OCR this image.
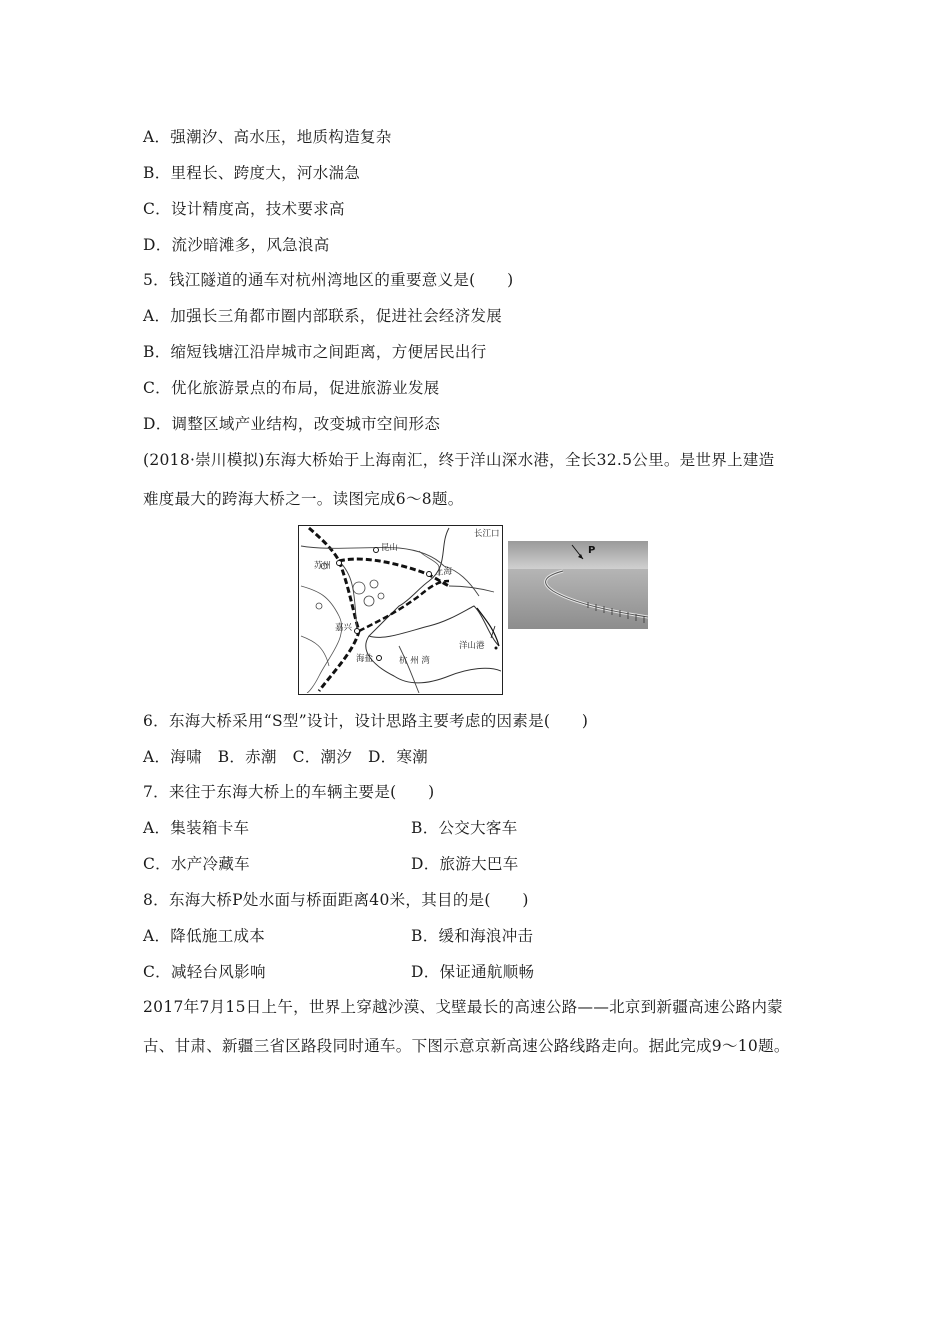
A．强潮汐、高水压，地质构造复杂
B．里程长、跨度大，河水湍急
C．设计精度高，技术要求高
D．流沙暗滩多，风急浪高
5．钱江隧道的通车对杭州湾地区的重要意义是(　　)
A．加强长三角都市圈内部联系，促进社会经济发展
B．缩短钱塘江沿岸城市之间距离，方便居民出行
C．优化旅游景点的布局，促进旅游业发展
D．调整区域产业结构，改变城市空间形态
(2018·崇川模拟)东海大桥始于上海南汇，终于洋山深水港，全长32.5公里。是世界上建造
难度最大的跨海大桥之一。读图完成6～8题。
长江口
昆山
苏州
上海
嘉兴
海盐	杭 州 湾
洋山港
P
6．东海大桥采用“S型”设计，设计思路主要考虑的因素是(　　)
A．海啸　B．赤潮　C．潮汐　D．寒潮
7．来往于东海大桥上的车辆主要是(　　)
A．集装箱卡车	B．公交大客车
C．水产冷藏车	D．旅游大巴车
8．东海大桥P处水面与桥面距离40米，其目的是(　　)
A．降低施工成本	B．缓和海浪冲击
C．减轻台风影响	D．保证通航顺畅
2017年7月15日上午，世界上穿越沙漠、戈壁最长的高速公路——北京到新疆高速公路内蒙
古、甘肃、新疆三省区路段同时通车。下图示意京新高速公路线路走向。据此完成9～10题。
